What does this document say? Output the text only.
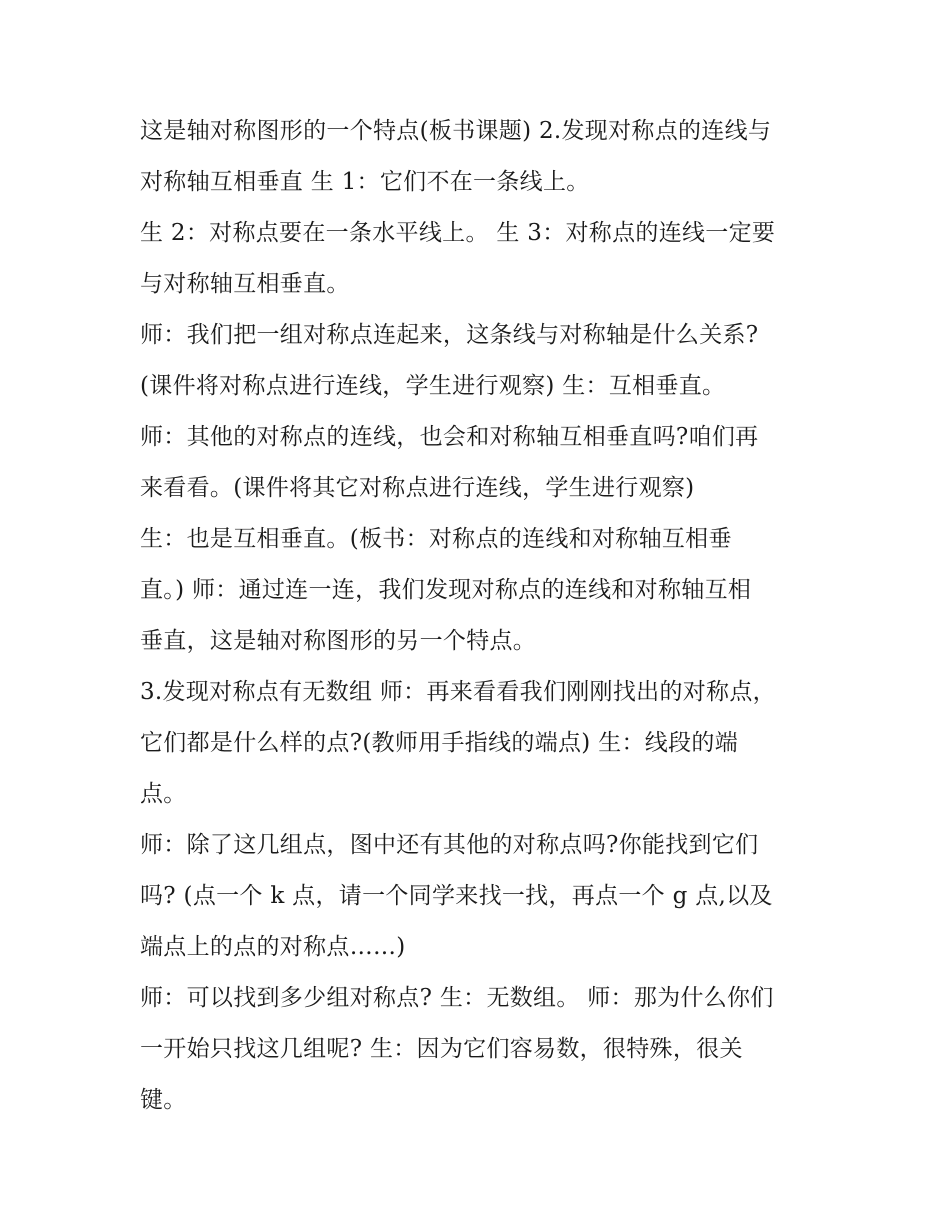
这是轴对称图形的一个特点(板书课题) 2.发现对称点的连线与
对称轴互相垂直 生 1：它们不在一条线上。
生 2：对称点要在一条水平线上。 生 3：对称点的连线一定要
与对称轴互相垂直。
师：我们把一组对称点连起来，这条线与对称轴是什么关系?
(课件将对称点进行连线，学生进行观察) 生：互相垂直。
师：其他的对称点的连线，也会和对称轴互相垂直吗?咱们再
来看看。(课件将其它对称点进行连线，学生进行观察)
生：也是互相垂直。(板书：对称点的连线和对称轴互相垂
直。) 师：通过连一连，我们发现对称点的连线和对称轴互相
垂直，这是轴对称图形的另一个特点。
3.发现对称点有无数组 师：再来看看我们刚刚找出的对称点，
它们都是什么样的点?(教师用手指线的端点) 生：线段的端
点。
师：除了这几组点，图中还有其他的对称点吗?你能找到它们
吗? (点一个 k 点，请一个同学来找一找，再点一个 g 点,以及
端点上的点的对称点……)
师：可以找到多少组对称点? 生：无数组。 师：那为什么你们
一开始只找这几组呢? 生：因为它们容易数，很特殊，很关
键。
